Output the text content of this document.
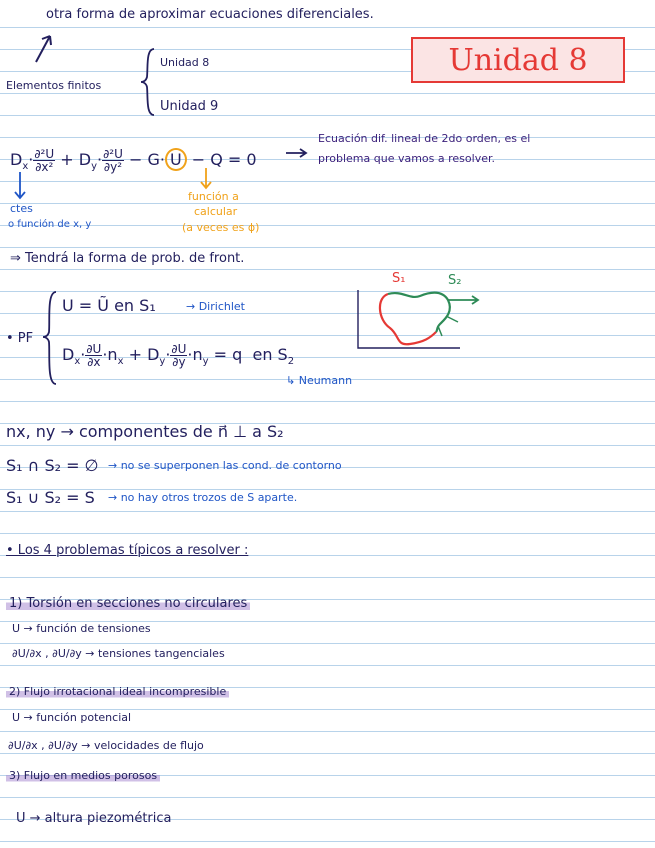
otra forma de aproximar ecuaciones diferenciales.
Unidad 8
Elementos finitos
Unidad 8
Unidad 9
$D_x\cdot \frac{\text{∂²U}}{\text{∂x²}} + D_y\cdot \frac{\text{∂²U}}{\text{∂y²}} - G\cdot U - Q = 0$
Ecuación dif. lineal de 2do orden, es el
problema que vamos a resolver.
ctes
o función de x, y
función a
calcular
(a veces es ϕ)
⇒ Tendrá la forma de prob. de front.
• PF
U = Ũ en S₁	→ Dirichlet
$D_x\cdot \frac{\partial U}{\partial x} \cdot n_x + D_y\cdot \frac{\partial U}{\partial y} \cdot n_y = q$  en $S_2$
↳ Neumann
S₁	S₂
nx, ny → componentes de n⃗ ⊥ a S₂
S₁ ∩ S₂ = ∅ → no se superponen las cond. de contorno
S₁ ∪ S₂ = S → no hay otros trozos de S aparte.
• Los 4 problemas típicos a resolver :
1) Torsión en secciones no circulares
U → función de tensiones
∂U/∂x , ∂U/∂y → tensiones tangenciales
2) Flujo irrotacional ideal incompresible
U → función potencial
∂U/∂x , ∂U/∂y → velocidades de flujo
3) Flujo en medios porosos
U → altura piezométrica
